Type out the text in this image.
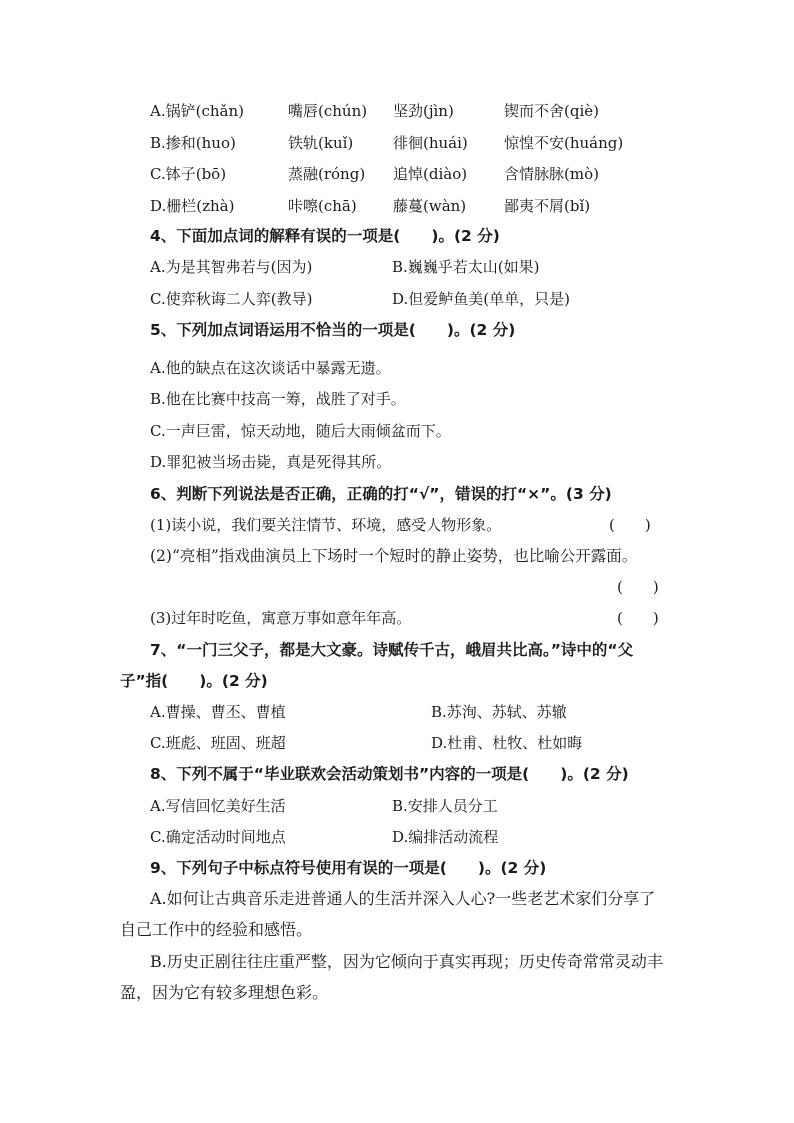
A.锅铲(chǎn)	嘴唇(chún) 坚劲(jìn)	锲而不舍(qiè)
B.掺和(huo)	铁轨(kuǐ)	徘徊(huái) 惊惶不安(huáng)
C.钵子(bō)	蒸融(róng) 追悼(diào) 含情脉脉(mò)
D.栅栏(zhà)	咔嚓(chā) 藤蔓(wàn)	鄙夷不屑(bǐ)
4、下面加点词的解释有误的一项是(　　)。(2 分)
A.为是其智弗若与(因为)	B.巍巍乎若太山(如果)
C.使弈秋诲二人弈(教导)	D.但爱鲈鱼美(单单，只是)
5、下列加点词语运用不恰当的一项是(　　)。(2 分)
A.他的缺点在这次谈话中暴露无遗。
B.他在比赛中技高一筹，战胜了对手。
C.一声巨雷，惊天动地，随后大雨倾盆而下。
D.罪犯被当场击毙，真是死得其所。
6、判断下列说法是否正确，正确的打“√”，错误的打“×”。(3 分)
(1)读小说，我们要关注情节、环境，感受人物形象。	(　　)
(2)“亮相”指戏曲演员上下场时一个短时的静止姿势，也比喻公开露面。
(　　)
(3)过年时吃鱼，寓意万事如意年年高。	(　　)
7、“一门三父子，都是大文豪。诗赋传千古，峨眉共比高。”诗中的“父
子”指(　　)。(2 分)
A.曹操、曹丕、曹植	B.苏洵、苏轼、苏辙
C.班彪、班固、班超	D.杜甫、杜牧、杜如晦
8、下列不属于“毕业联欢会活动策划书”内容的一项是(　　)。(2 分)
A.写信回忆美好生活	B.安排人员分工
C.确定活动时间地点	D.编排活动流程
9、下列句子中标点符号使用有误的一项是(　　)。(2 分)
A.如何让古典音乐走进普通人的生活并深入人心?一些老艺术家们分享了
自己工作中的经验和感悟。
B.历史正剧往往庄重严整，因为它倾向于真实再现；历史传奇常常灵动丰
盈，因为它有较多理想色彩。
